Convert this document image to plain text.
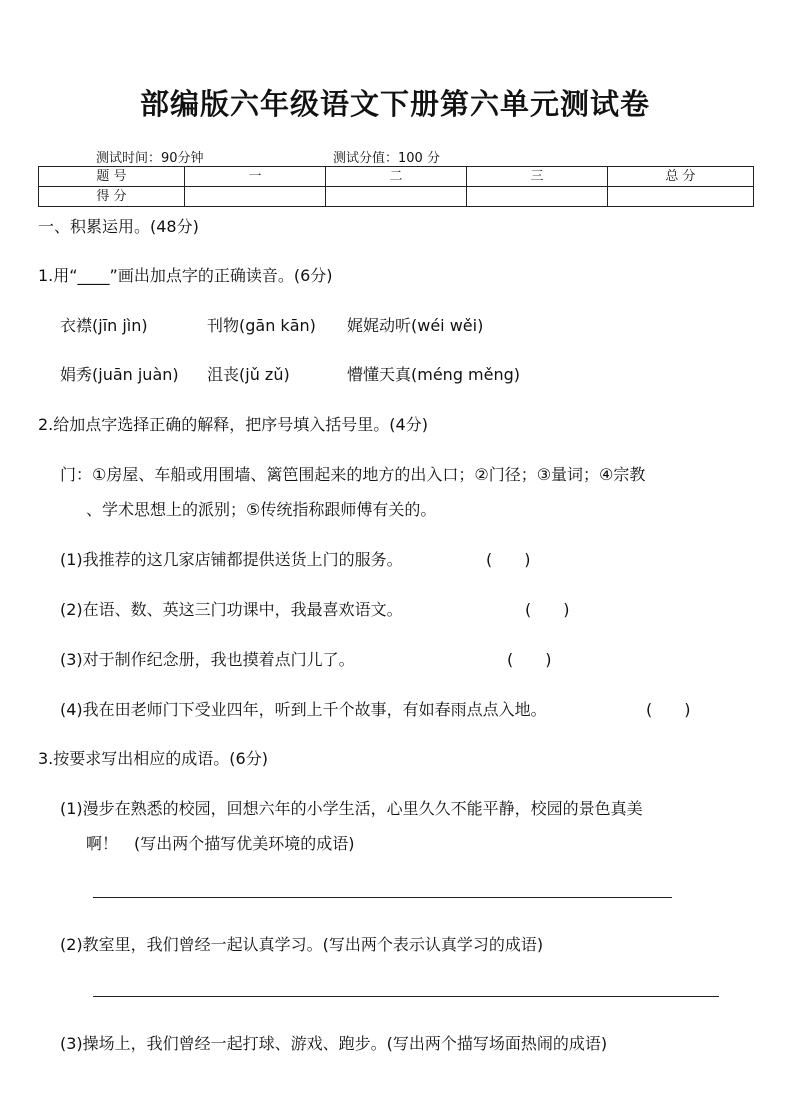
部编版六年级语文下册第六单元测试卷
测试时间：90分钟	测试分值：100 分
题 号	一	二	三	总 分
得 分				
一、积累运用。(48分)
1.用“____”画出加点字的正确读音。(6分)
衣襟(jīn jìn)	刊物(gān kān) 娓娓动听(wéi wěi)
娟秀(juān juàn) 沮丧(jǔ zǔ)	懵懂天真(méng měng)
2.给加点字选择正确的解释，把序号填入括号里。(4分)
门：①房屋、车船或用围墙、篱笆围起来的地方的出入口；②门径；③量词；④宗教
、学术思想上的派别；⑤传统指称跟师傅有关的。
(1)我推荐的这几家店铺都提供送货上门的服务。	(　　)
(2)在语、数、英这三门功课中，我最喜欢语文。	(　　)
(3)对于制作纪念册，我也摸着点门儿了。	(　　)
(4)我在田老师门下受业四年，听到上千个故事，有如春雨点点入地。	(　　)
3.按要求写出相应的成语。(6分)
(1)漫步在熟悉的校园，回想六年的小学生活，心里久久不能平静，校园的景色真美
啊！　(写出两个描写优美环境的成语)
(2)教室里，我们曾经一起认真学习。(写出两个表示认真学习的成语)
(3)操场上，我们曾经一起打球、游戏、跑步。(写出两个描写场面热闹的成语)
